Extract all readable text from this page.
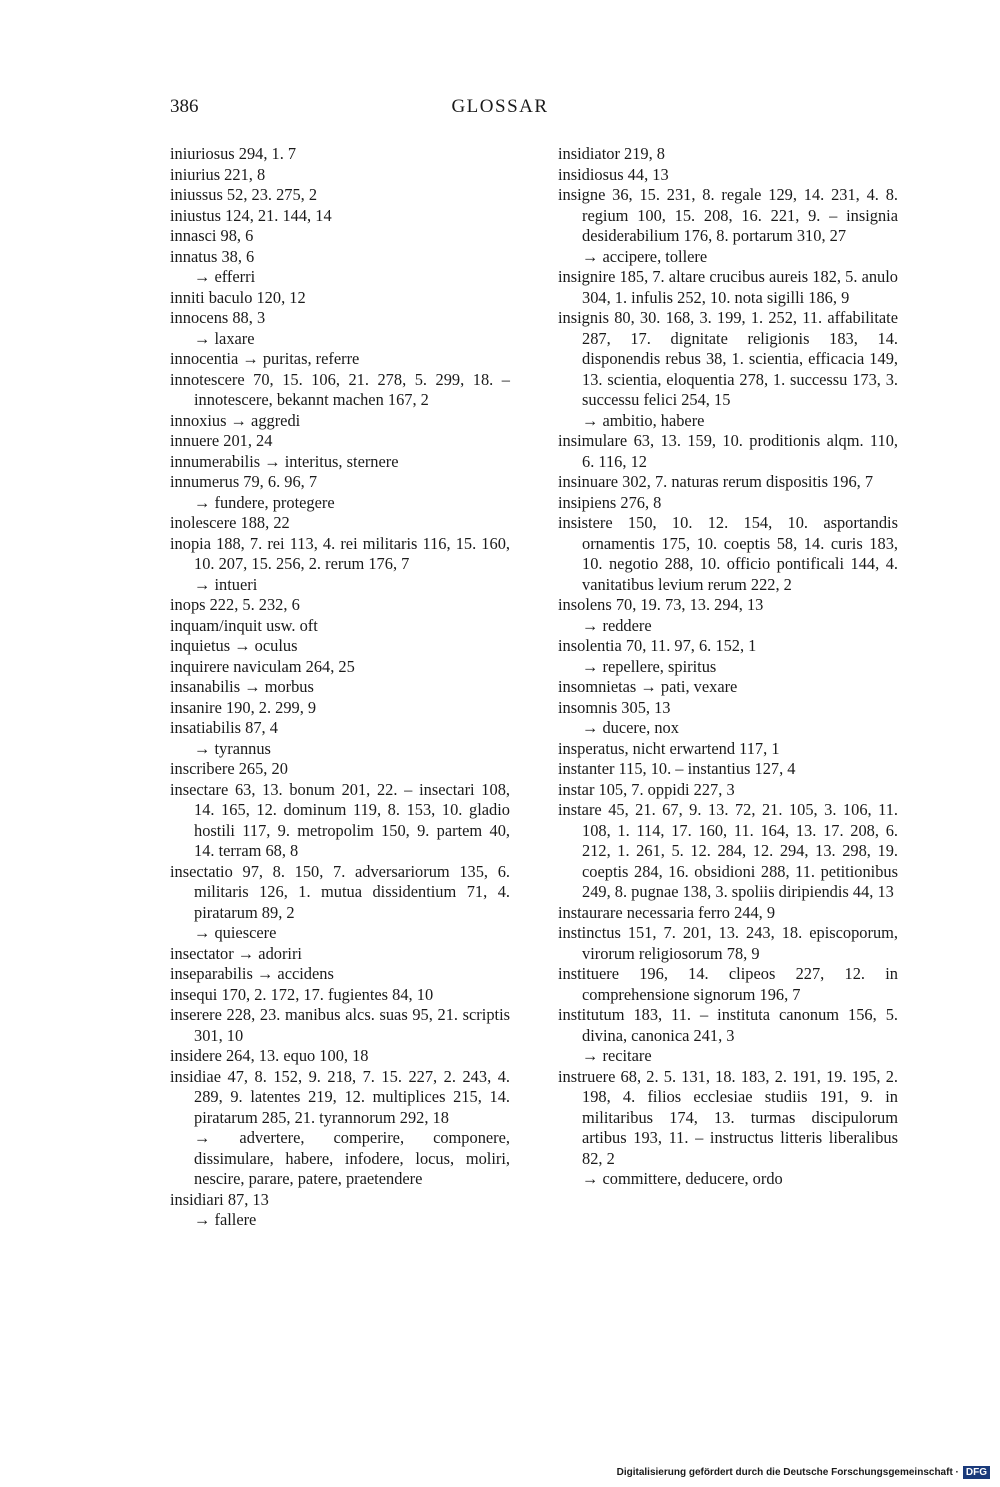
386	GLOSSAR
iniuriosus 294, 1. 7
iniurius 221, 8
iniussus 52, 23. 275, 2
iniustus 124, 21. 144, 14
innasci 98, 6
innatus 38, 6
→ efferri
inniti baculo 120, 12
innocens 88, 3
→ laxare
innocentia → puritas, referre
innotescere 70, 15. 106, 21. 278, 5. 299, 18. – innotescere, bekannt machen 167, 2
innoxius → aggredi
innuere 201, 24
innumerabilis → interitus, sternere
innumerus 79, 6. 96, 7
→ fundere, protegere
inolescere 188, 22
inopia 188, 7. rei 113, 4. rei militaris 116, 15. 160, 10. 207, 15. 256, 2. rerum 176, 7
→ intueri
inops 222, 5. 232, 6
inquam/inquit usw. oft
inquietus → oculus
inquirere naviculam 264, 25
insanabilis → morbus
insanire 190, 2. 299, 9
insatiabilis 87, 4
→ tyrannus
inscribere 265, 20
insectare 63, 13. bonum 201, 22. – insectari 108, 14. 165, 12. dominum 119, 8. 153, 10. gladio hostili 117, 9. metropolim 150, 9. partem 40, 14. terram 68, 8
insectatio 97, 8. 150, 7. adversariorum 135, 6. militaris 126, 1. mutua dissidentium 71, 4. piratarum 89, 2
→ quiescere
insectator → adoriri
inseparabilis → accidens
insequi 170, 2. 172, 17. fugientes 84, 10
inserere 228, 23. manibus alcs. suas 95, 21. scriptis 301, 10
insidere 264, 13. equo 100, 18
insidiae 47, 8. 152, 9. 218, 7. 15. 227, 2. 243, 4. 289, 9. latentes 219, 12. multiplices 215, 14. piratarum 285, 21. tyrannorum 292, 18
→ advertere, comperire, componere, dissimulare, habere, infodere, locus, moliri, nescire, parare, patere, praetendere
insidiari 87, 13
→ fallere
insidiator 219, 8
insidiosus 44, 13
insigne 36, 15. 231, 8. regale 129, 14. 231, 4. 8. regium 100, 15. 208, 16. 221, 9. – insignia desiderabilium 176, 8. portarum 310, 27
→ accipere, tollere
insignire 185, 7. altare crucibus aureis 182, 5. anulo 304, 1. infulis 252, 10. nota sigilli 186, 9
insignis 80, 30. 168, 3. 199, 1. 252, 11. affabilitate 287, 17. dignitate religionis 183, 14. disponendis rebus 38, 1. scientia, efficacia 149, 13. scientia, eloquentia 278, 1. successu 173, 3. successu felici 254, 15
→ ambitio, habere
insimulare 63, 13. 159, 10. proditionis alqm. 110, 6. 116, 12
insinuare 302, 7. naturas rerum dispositis 196, 7
insipiens 276, 8
insistere 150, 10. 12. 154, 10. asportandis ornamentis 175, 10. coeptis 58, 14. curis 183, 10. negotio 288, 10. officio pontificali 144, 4. vanitatibus levium rerum 222, 2
insolens 70, 19. 73, 13. 294, 13
→ reddere
insolentia 70, 11. 97, 6. 152, 1
→ repellere, spiritus
insomnietas → pati, vexare
insomnis 305, 13
→ ducere, nox
insperatus, nicht erwartend 117, 1
instanter 115, 10. – instantius 127, 4
instar 105, 7. oppidi 227, 3
instare 45, 21. 67, 9. 13. 72, 21. 105, 3. 106, 11. 108, 1. 114, 17. 160, 11. 164, 13. 17. 208, 6. 212, 1. 261, 5. 12. 284, 12. 294, 13. 298, 19. coeptis 284, 16. obsidioni 288, 11. petitionibus 249, 8. pugnae 138, 3. spoliis diripiendis 44, 13
instaurare necessaria ferro 244, 9
instinctus 151, 7. 201, 13. 243, 18. episcoporum, virorum religiosorum 78, 9
instituere 196, 14. clipeos 227, 12. in comprehensione signorum 196, 7
institutum 183, 11. – instituta canonum 156, 5. divina, canonica 241, 3
→ recitare
instruere 68, 2. 5. 131, 18. 183, 2. 191, 19. 195, 2. 198, 4. filios ecclesiae studiis 191, 9. in militaribus 174, 13. turmas discipulorum artibus 193, 11. – instructus litteris liberalibus 82, 2
→ committere, deducere, ordo
Digitalisierung gefördert durch die Deutsche Forschungsgemeinschaft · DFG
